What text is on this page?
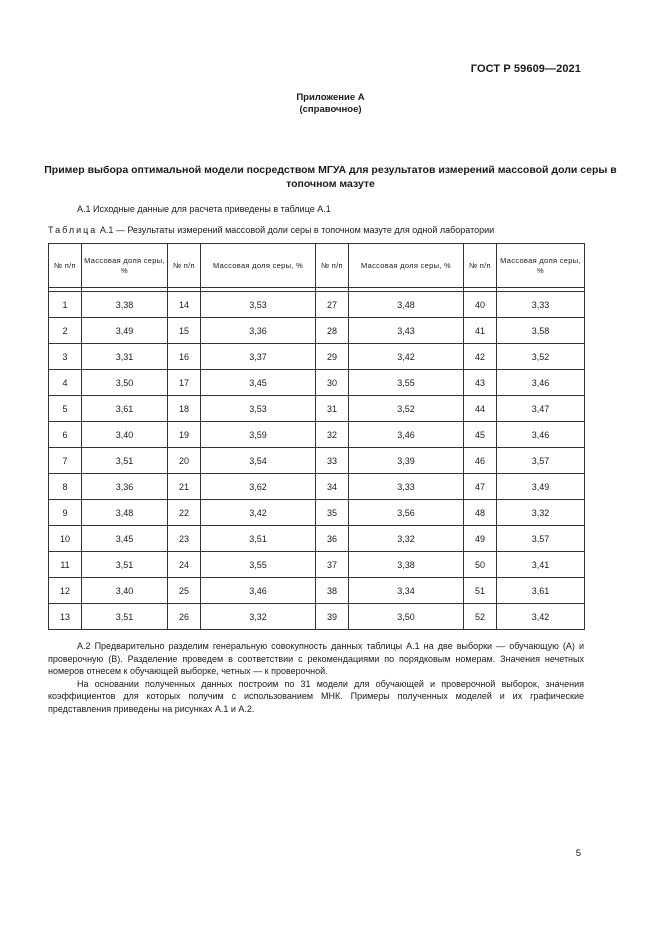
ГОСТ Р 59609—2021
Приложение А
(справочное)
Пример выбора оптимальной модели посредством МГУА для результатов измерений массовой доли серы в топочном мазуте
А.1 Исходные данные для расчета приведены в таблице А.1
Таблица А.1 — Результаты измерений массовой доли серы в топочном мазуте для одной лаборатории
№ п/п	Массовая доля серы, %	№ п/п	Массовая доля серы, %	№ п/п	Массовая доля серы, %	№ п/п	Массовая доля серы, %

1	3,38	14	3,53	27	3,48	40	3,33
2	3,49	15	3,36	28	3,43	41	3,58
3	3,31	16	3,37	29	3,42	42	3,52
4	3,50	17	3,45	30	3,55	43	3,46
5	3,61	18	3,53	31	3,52	44	3,47
6	3,40	19	3,59	32	3,46	45	3,46
7	3,51	20	3,54	33	3,39	46	3,57
8	3,36	21	3,62	34	3,33	47	3,49
9	3,48	22	3,42	35	3,56	48	3,32
10	3,45	23	3,51	36	3,32	49	3,57
11	3,51	24	3,55	37	3,38	50	3,41
12	3,40	25	3,46	38	3,34	51	3,61
13	3,51	26	3,32	39	3,50	52	3,42

А.2 Предварительно разделим генеральную совокупность данных таблицы А.1 на две выборки — обучающую (А) и проверочную (В). Разделение проведем в соответствии с рекомендациями по порядковым номерам. Значения нечетных номеров отнесем к обучающей выборке, четных — к проверочной.

На основании полученных данных построим по 31 модели для обучающей и проверочной выборок, значения коэффициентов для которых получим с использованием МНК. Примеры полученных моделей и их графические представления приведены на рисунках А.1 и А.2.

5
